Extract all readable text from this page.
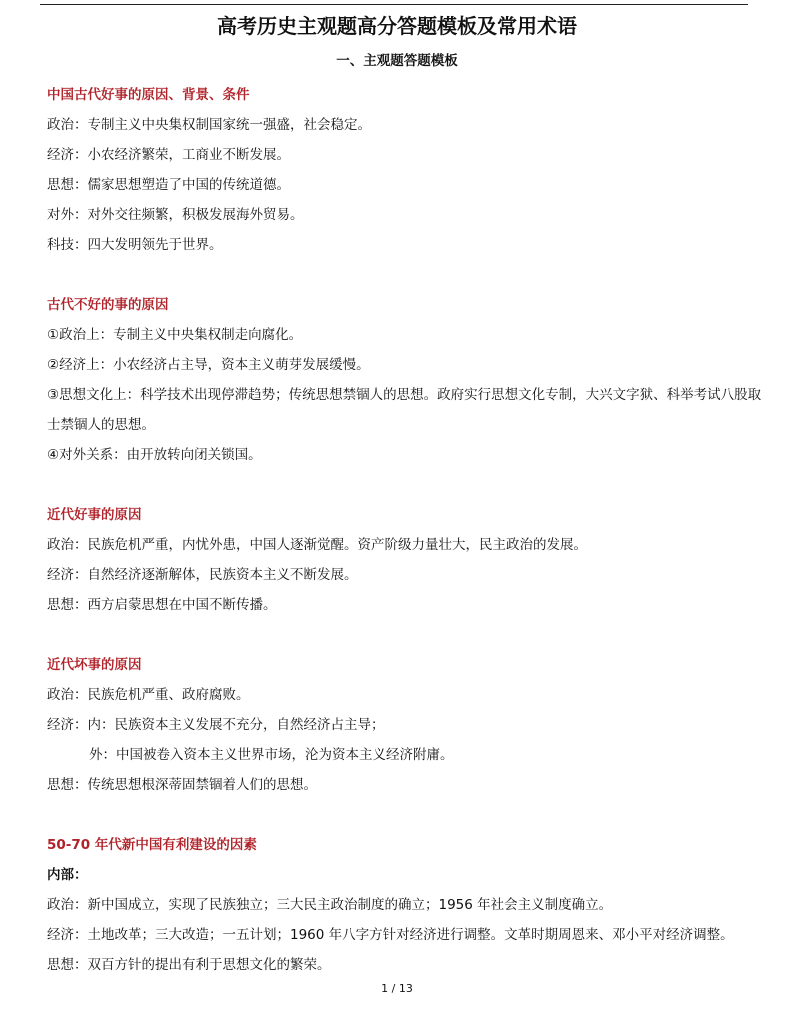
高考历史主观题高分答题模板及常用术语
一、主观题答题模板
中国古代好事的原因、背景、条件
政治：专制主义中央集权制国家统一强盛，社会稳定。
经济：小农经济繁荣，工商业不断发展。
思想：儒家思想塑造了中国的传统道德。
对外：对外交往频繁，积极发展海外贸易。
科技：四大发明领先于世界。
古代不好的事的原因
①政治上：专制主义中央集权制走向腐化。
②经济上：小农经济占主导，资本主义萌芽发展缓慢。
③思想文化上：科学技术出现停滞趋势；传统思想禁锢人的思想。政府实行思想文化专制，大兴文字狱、科举考试八股取士禁锢人的思想。
④对外关系：由开放转向闭关锁国。
近代好事的原因
政治：民族危机严重，内忧外患，中国人逐渐觉醒。资产阶级力量壮大，民主政治的发展。
经济：自然经济逐渐解体，民族资本主义不断发展。
思想：西方启蒙思想在中国不断传播。
近代坏事的原因
政治：民族危机严重、政府腐败。
经济：内：民族资本主义发展不充分，自然经济占主导；
外：中国被卷入资本主义世界市场，沦为资本主义经济附庸。
思想：传统思想根深蒂固禁锢着人们的思想。
50-70 年代新中国有利建设的因素
内部：
政治：新中国成立，实现了民族独立；三大民主政治制度的确立；1956 年社会主义制度确立。
经济：土地改革；三大改造；一五计划；1960 年八字方针对经济进行调整。文革时期周恩来、邓小平对经济调整。
思想：双百方针的提出有利于思想文化的繁荣。
1 / 13
